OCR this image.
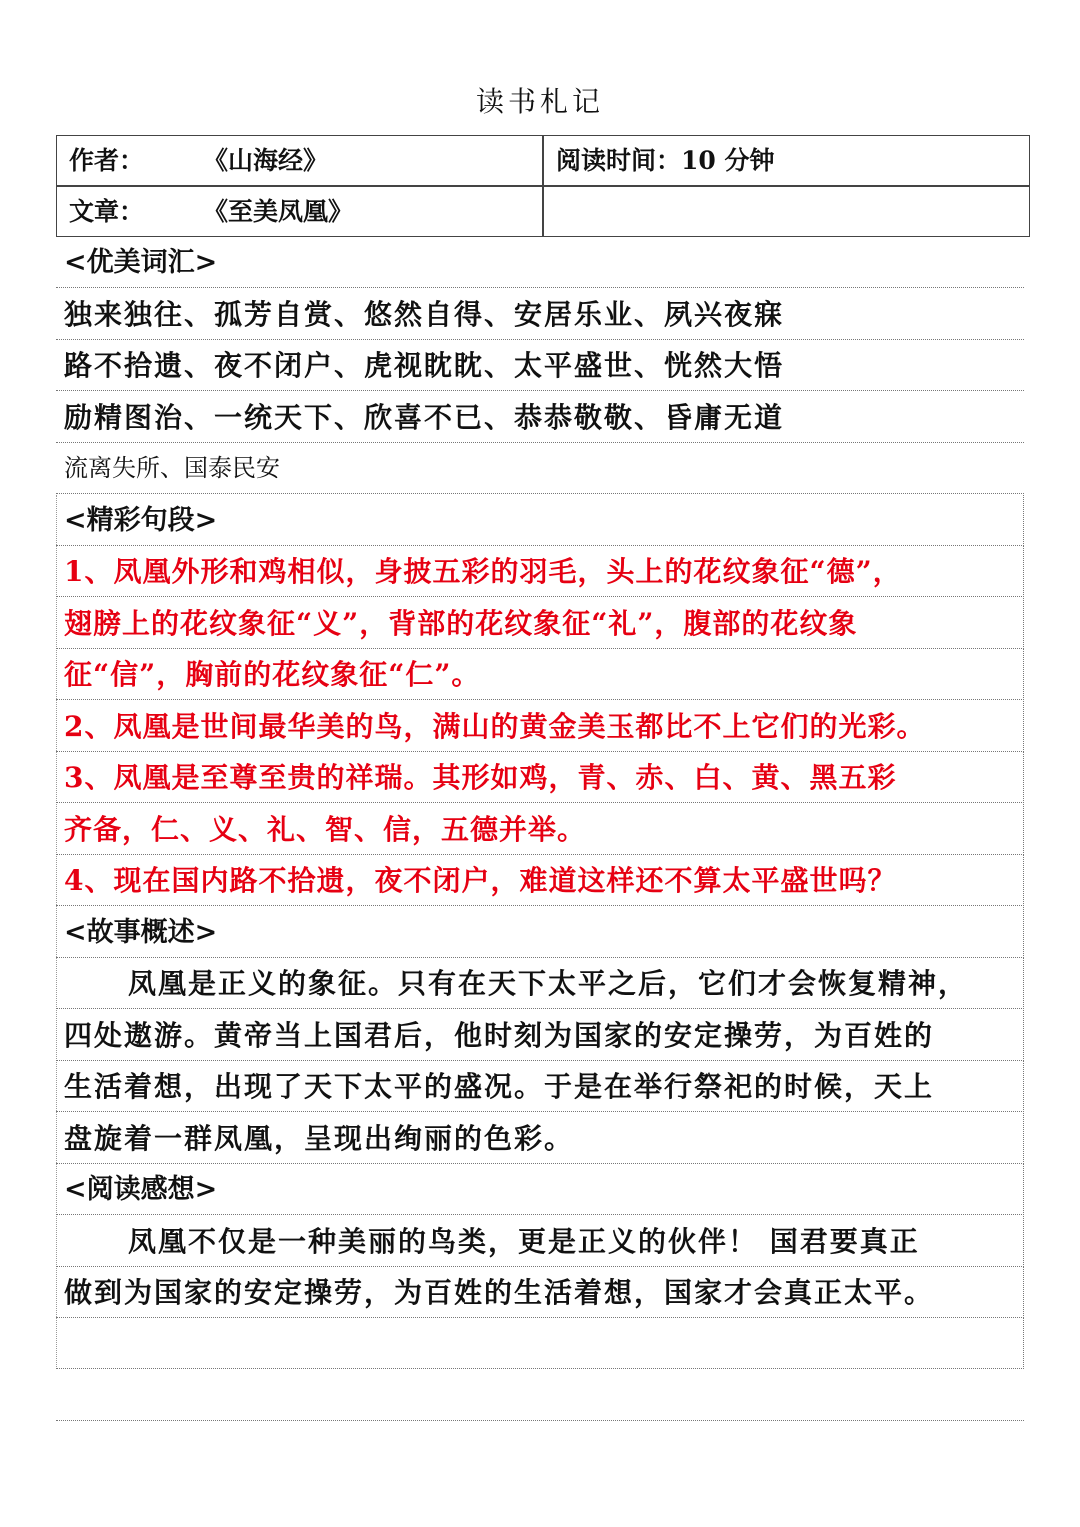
读书札记
作者： 《山海经》	阅读时间：10 分钟
文章： 《至美凤凰》
<优美词汇>
独来独往、孤芳自赏、悠然自得、安居乐业、夙兴夜寐
路不拾遗、夜不闭户、虎视眈眈、太平盛世、恍然大悟
励精图治、一统天下、欣喜不已、恭恭敬敬、昏庸无道
流离失所、国泰民安
<精彩句段>
1、凤凰外形和鸡相似，身披五彩的羽毛，头上的花纹象征“德”，
翅膀上的花纹象征“义”，背部的花纹象征“礼”，腹部的花纹象
征“信”，胸前的花纹象征“仁”。
2、凤凰是世间最华美的鸟，满山的黄金美玉都比不上它们的光彩。
3、凤凰是至尊至贵的祥瑞。其形如鸡，青、赤、白、黄、黑五彩
齐备，仁、义、礼、智、信，五德并举。
4、现在国内路不拾遗，夜不闭户，难道这样还不算太平盛世吗？
<故事概述>
凤凰是正义的象征。只有在天下太平之后，它们才会恢复精神，
四处遨游。黄帝当上国君后，他时刻为国家的安定操劳，为百姓的
生活着想，出现了天下太平的盛况。于是在举行祭祀的时候，天上
盘旋着一群凤凰，呈现出绚丽的色彩。
<阅读感想>
凤凰不仅是一种美丽的鸟类，更是正义的伙伴！ 国君要真正
做到为国家的安定操劳，为百姓的生活着想，国家才会真正太平。
